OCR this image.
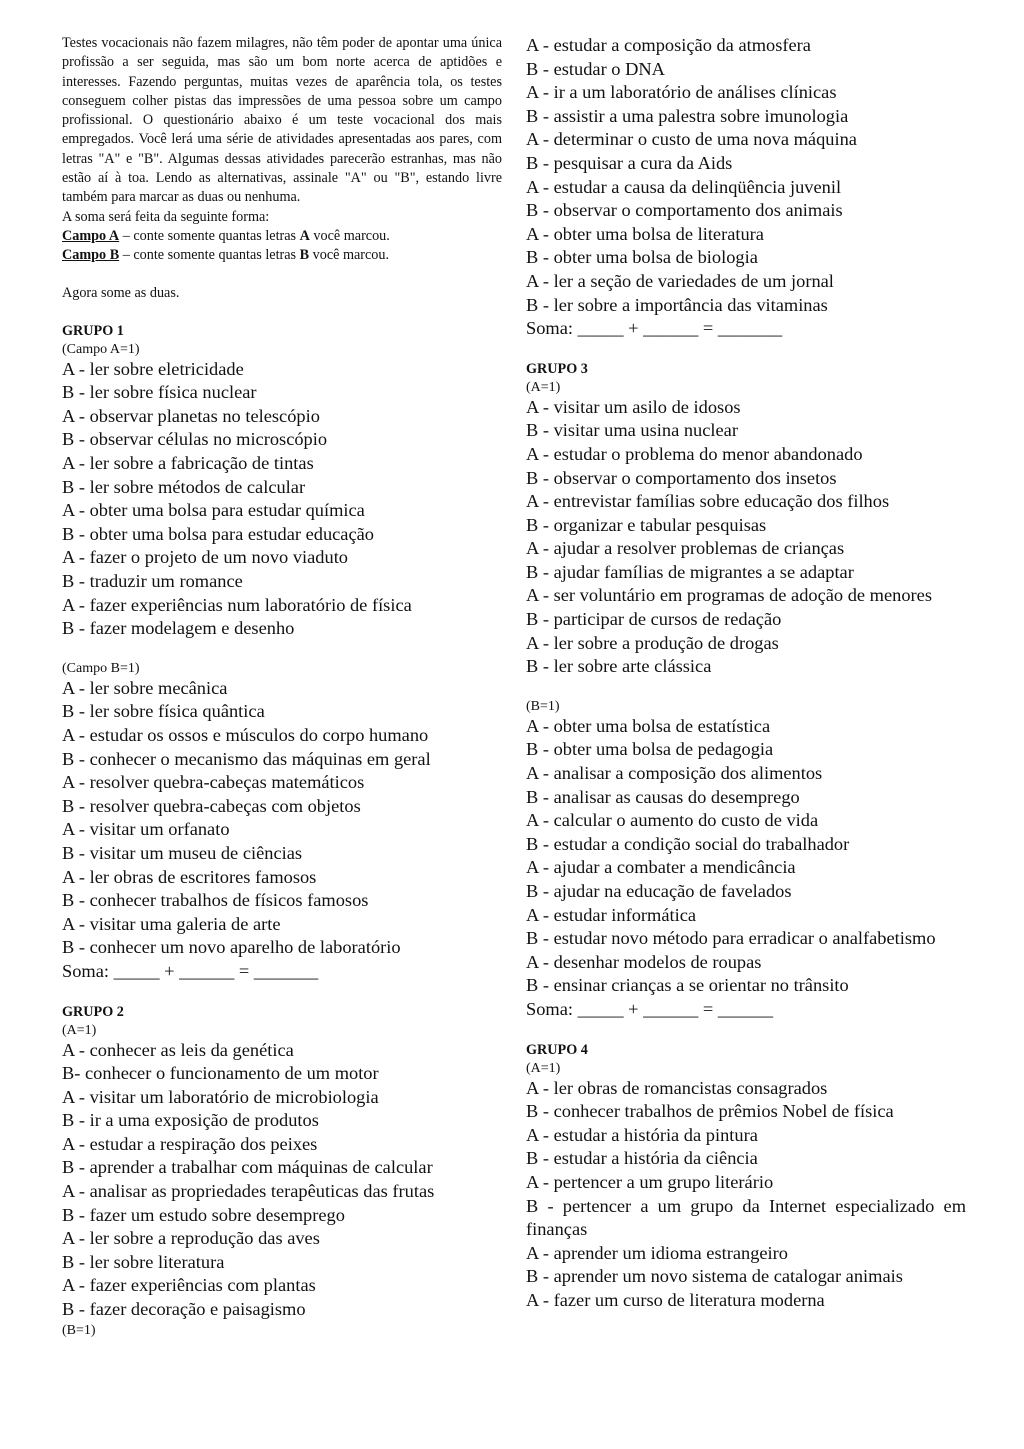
Testes vocacionais não fazem milagres, não têm poder de apontar uma única profissão a ser seguida, mas são um bom norte acerca de aptidões e interesses. Fazendo perguntas, muitas vezes de aparência tola, os testes conseguem colher pistas das impressões de uma pessoa sobre um campo profissional. O questionário abaixo é um teste vocacional dos mais empregados. Você lerá uma série de atividades apresentadas aos pares, com letras "A" e "B". Algumas dessas atividades parecerão estranhas, mas não estão aí à toa. Lendo as alternativas, assinale "A" ou "B", estando livre também para marcar as duas ou nenhuma.

A soma será feita da seguinte forma:

Campo A – conte somente quantas letras A você marcou.

Campo B – conte somente quantas letras B você marcou.

Agora some as duas.

GRUPO 1

(Campo A=1)

A - ler sobre eletricidade

B - ler sobre física nuclear

A - observar planetas no telescópio

B - observar células no microscópio

A - ler sobre a fabricação de tintas

B - ler sobre métodos de calcular

A - obter uma bolsa para estudar química

B - obter uma bolsa para estudar educação

A - fazer o projeto de um novo viaduto

B - traduzir um romance

A - fazer experiências num laboratório de física

B - fazer modelagem e desenho

(Campo B=1)

A - ler sobre mecânica

B - ler sobre física quântica

A - estudar os ossos e músculos do corpo humano

B - conhecer o mecanismo das máquinas em geral

A - resolver quebra-cabeças matemáticos

B - resolver quebra-cabeças com objetos

A - visitar um orfanato

B - visitar um museu de ciências

A - ler obras de escritores famosos

B - conhecer trabalhos de físicos famosos

A - visitar uma galeria de arte

B - conhecer um novo aparelho de laboratório

Soma: _____ + ______ = _______

GRUPO 2

(A=1)

A - conhecer as leis da genética

B- conhecer o funcionamento de um motor

A - visitar um laboratório de microbiologia

B - ir a uma exposição de produtos

A - estudar a respiração dos peixes

B - aprender a trabalhar com máquinas de calcular

A - analisar as propriedades terapêuticas das frutas

B - fazer um estudo sobre desemprego

A - ler sobre a reprodução das aves

B - ler sobre literatura

A - fazer experiências com plantas

B - fazer decoração e paisagismo

(B=1)

A - estudar a composição da atmosfera

B - estudar o DNA

A - ir a um laboratório de análises clínicas

B - assistir a uma palestra sobre imunologia

A - determinar o custo de uma nova máquina

B - pesquisar a cura da Aids

A - estudar a causa da delinqüência juvenil

B - observar o comportamento dos animais

A - obter uma bolsa de literatura

B - obter uma bolsa de biologia

A - ler a seção de variedades de um jornal

B - ler sobre a importância das vitaminas

Soma: _____ + ______ = _______

GRUPO 3

(A=1)

A - visitar um asilo de idosos

B - visitar uma usina nuclear

A - estudar o problema do menor abandonado

B - observar o comportamento dos insetos

A - entrevistar famílias sobre educação dos filhos

B - organizar e tabular pesquisas

A - ajudar a resolver problemas de crianças

B - ajudar famílias de migrantes a se adaptar

A - ser voluntário em programas de adoção de menores

B - participar de cursos de redação

A - ler sobre a produção de drogas

B - ler sobre arte clássica

(B=1)

A - obter uma bolsa de estatística

B - obter uma bolsa de pedagogia

A - analisar a composição dos alimentos

B - analisar as causas do desemprego

A - calcular o aumento do custo de vida

B - estudar a condição social do trabalhador

A - ajudar a combater a mendicância

B - ajudar na educação de favelados

A - estudar informática

B - estudar novo método para erradicar o analfabetismo

A - desenhar modelos de roupas

B - ensinar crianças a se orientar no trânsito

Soma: _____ + ______ = ______

GRUPO 4

(A=1)

A - ler obras de romancistas consagrados

B - conhecer trabalhos de prêmios Nobel de física

A - estudar a história da pintura

B - estudar a história da ciência

A - pertencer a um grupo literário

B - pertencer a um grupo da Internet especializado em finanças

A - aprender um idioma estrangeiro

B - aprender um novo sistema de catalogar animais

A - fazer um curso de literatura moderna
